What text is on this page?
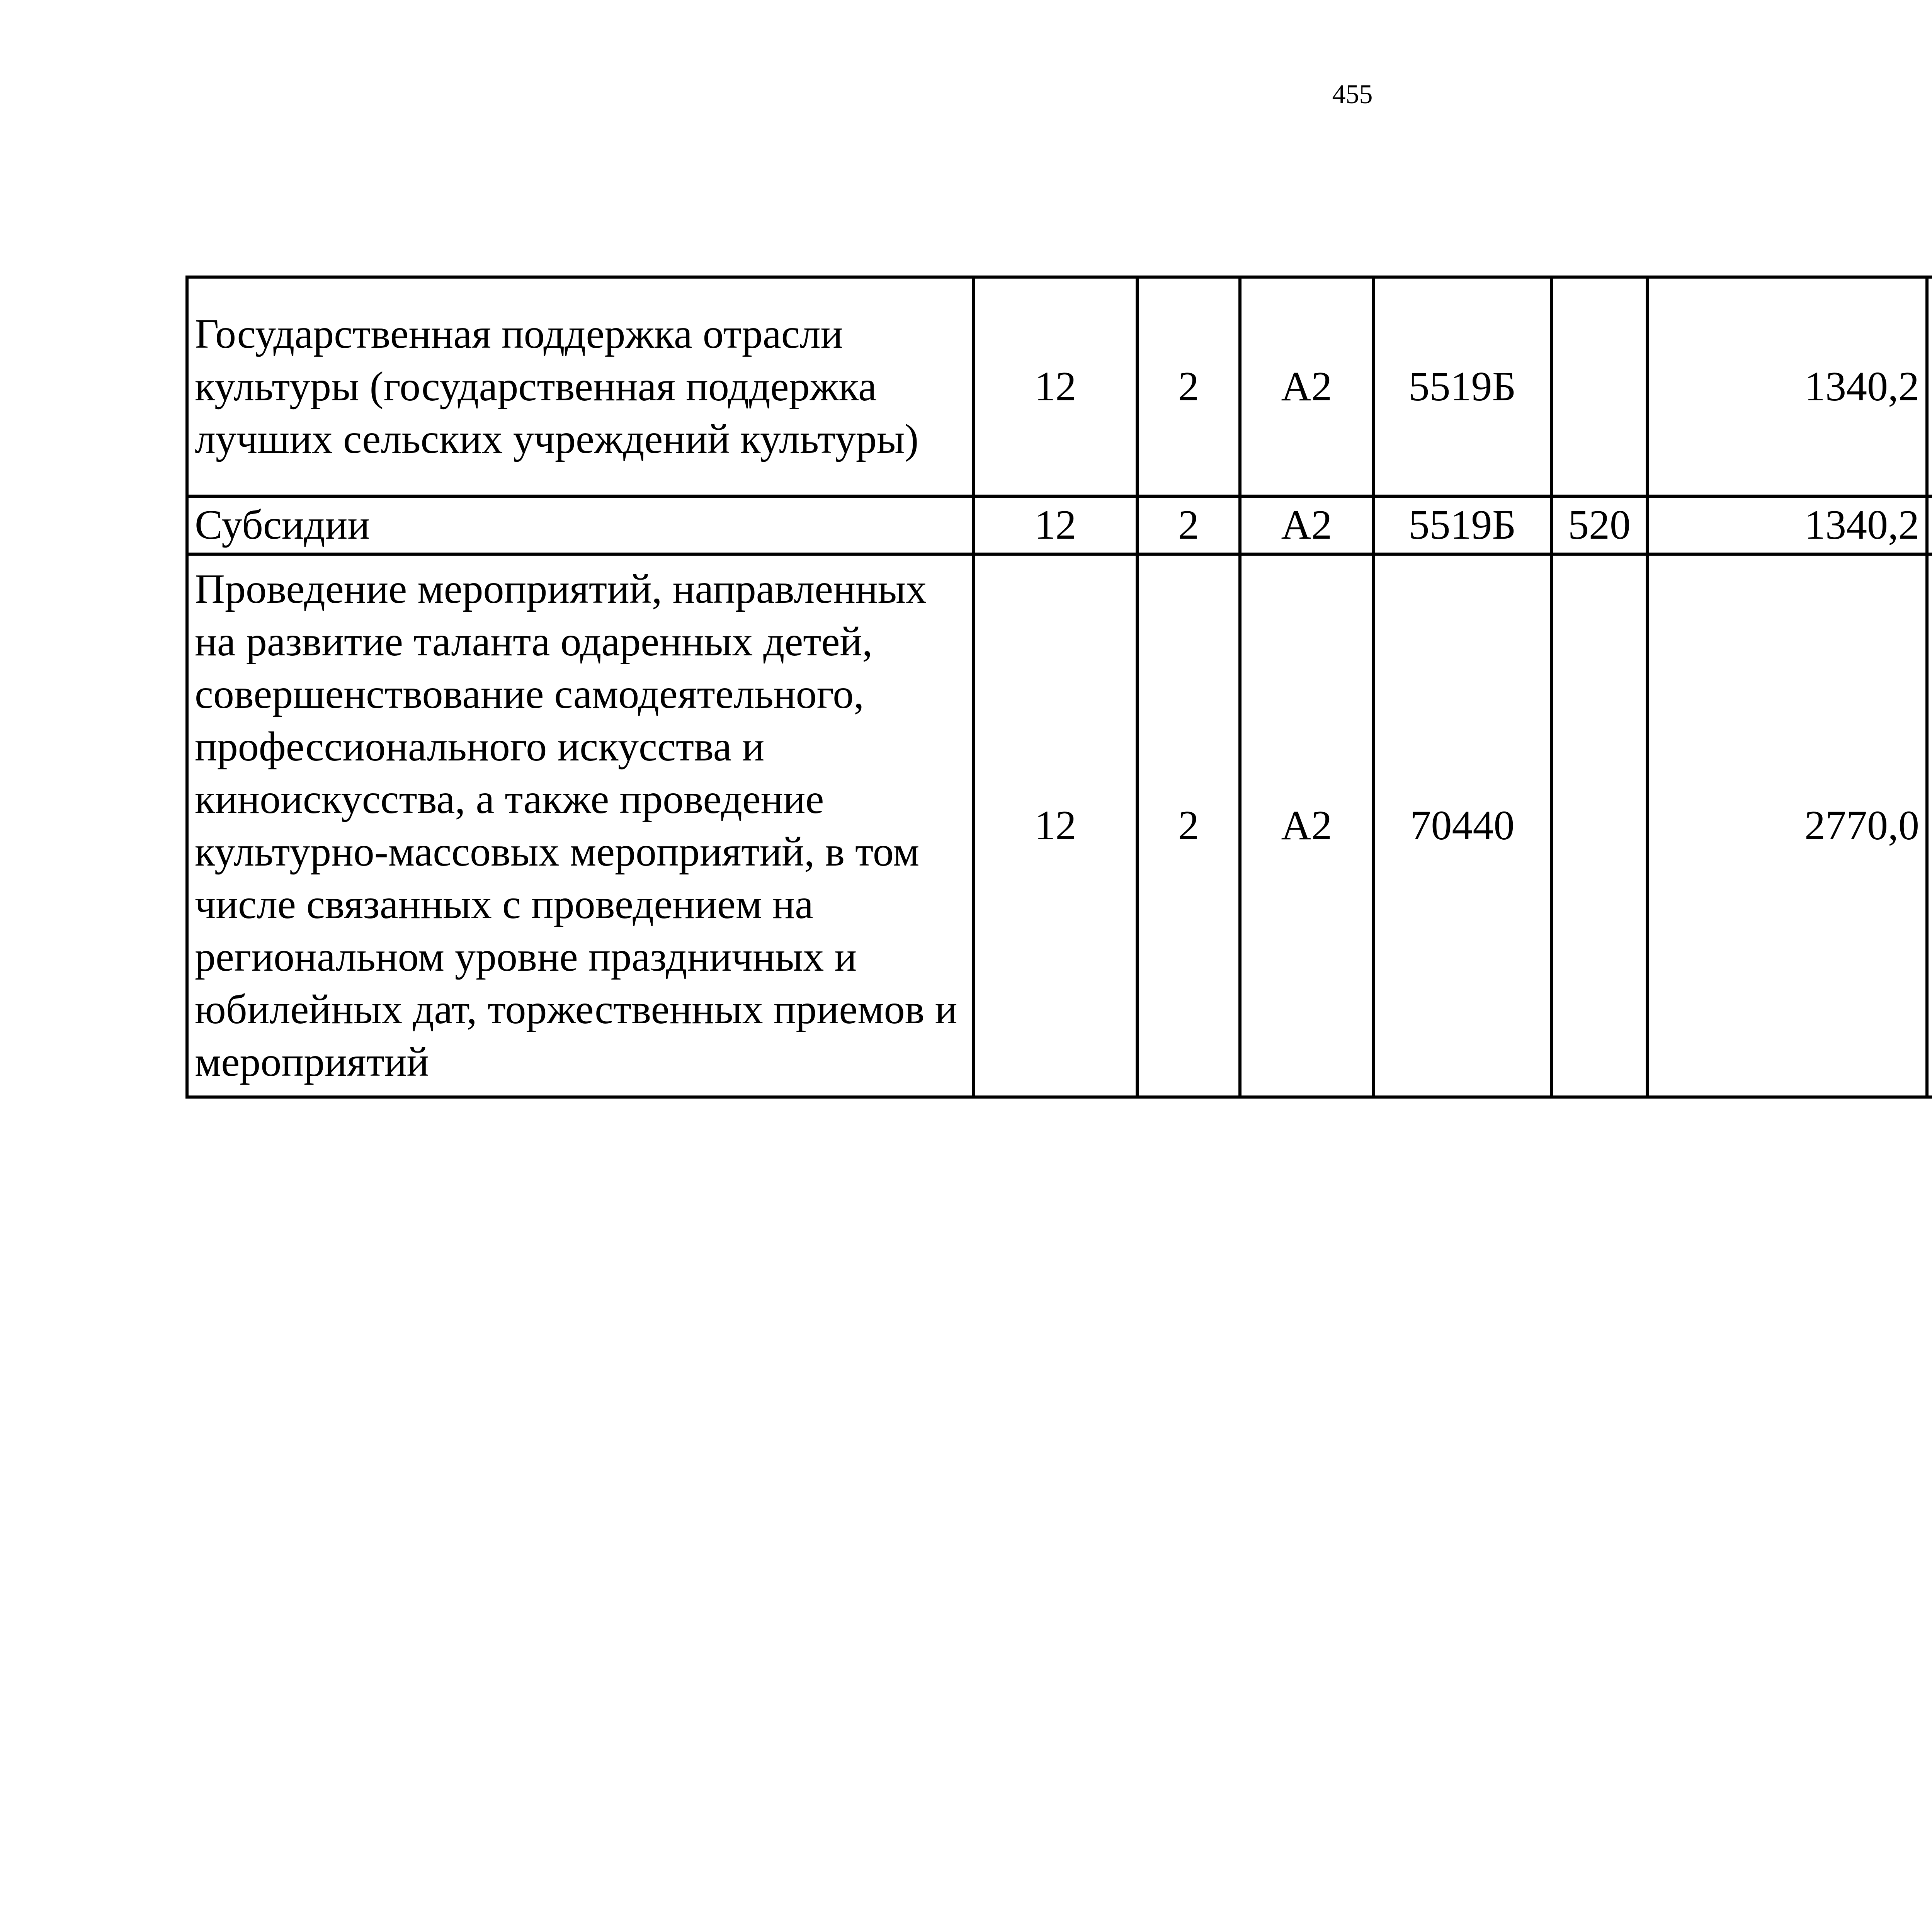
455
Государственная поддержка отрасли культуры (государственная поддержка лучших сельских учреждений культуры)	12	2	А2	5519Б		1340,2		
Субсидии	12	2	А2	5519Б	520	1340,2		
Проведение мероприятий, направленных на развитие таланта одаренных детей, совершенствование самодеятельного, профессионального искусства и киноискусства, а также проведение культурно-массовых мероприятий, в том числе связанных с проведением на региональном уровне праздничных и юбилейных дат, торжественных приемов и мероприятий	12	2	А2	70440		2770,0		
